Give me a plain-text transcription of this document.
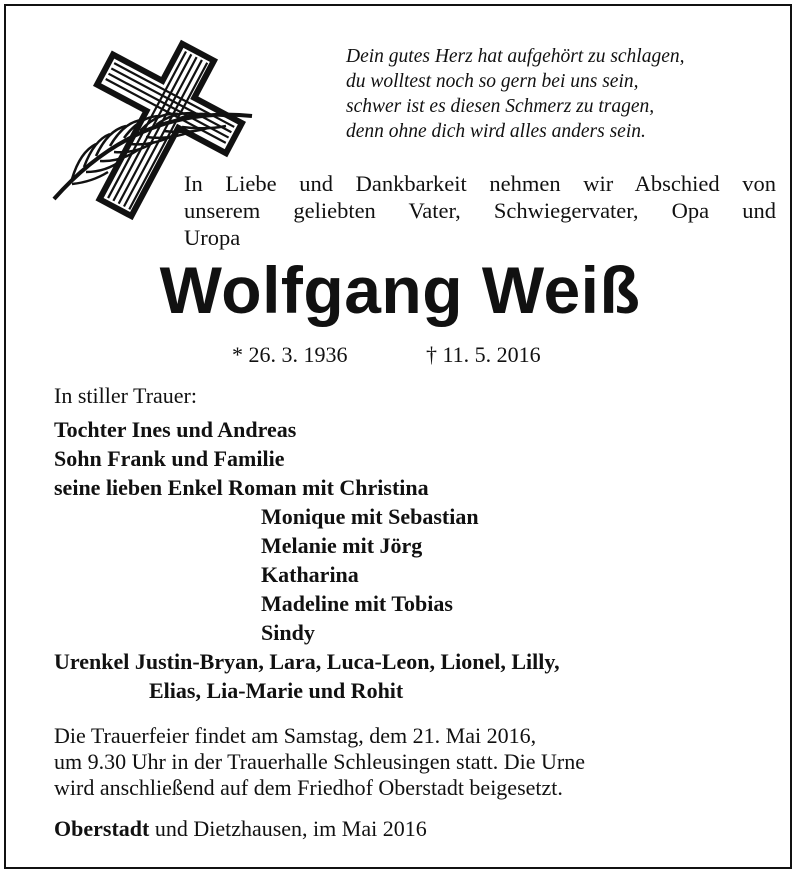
Dein gutes Herz hat aufgehört zu schlagen,
du wolltest noch so gern bei uns sein,
schwer ist es diesen Schmerz zu tragen,
denn ohne dich wird alles anders sein.
In Liebe und Dankbarkeit nehmen wir Abschied von
unserem geliebten Vater, Schwiegervater, Opa und
Uropa
Wolfgang Weiß
* 26. 3. 1936	† 11. 5. 2016
In stiller Trauer:
Tochter Ines und Andreas
Sohn Frank und Familie
seine lieben Enkel Roman mit Christina
Monique mit Sebastian
Melanie mit Jörg
Katharina
Madeline mit Tobias
Sindy
Urenkel Justin-Bryan, Lara, Luca-Leon, Lionel, Lilly,
Elias, Lia-Marie und Rohit
Die Trauerfeier findet am Samstag, dem 21. Mai 2016,
um 9.30 Uhr in der Trauerhalle Schleusingen statt. Die Urne
wird anschließend auf dem Friedhof Oberstadt beigesetzt.
Oberstadt und Dietzhausen, im Mai 2016
